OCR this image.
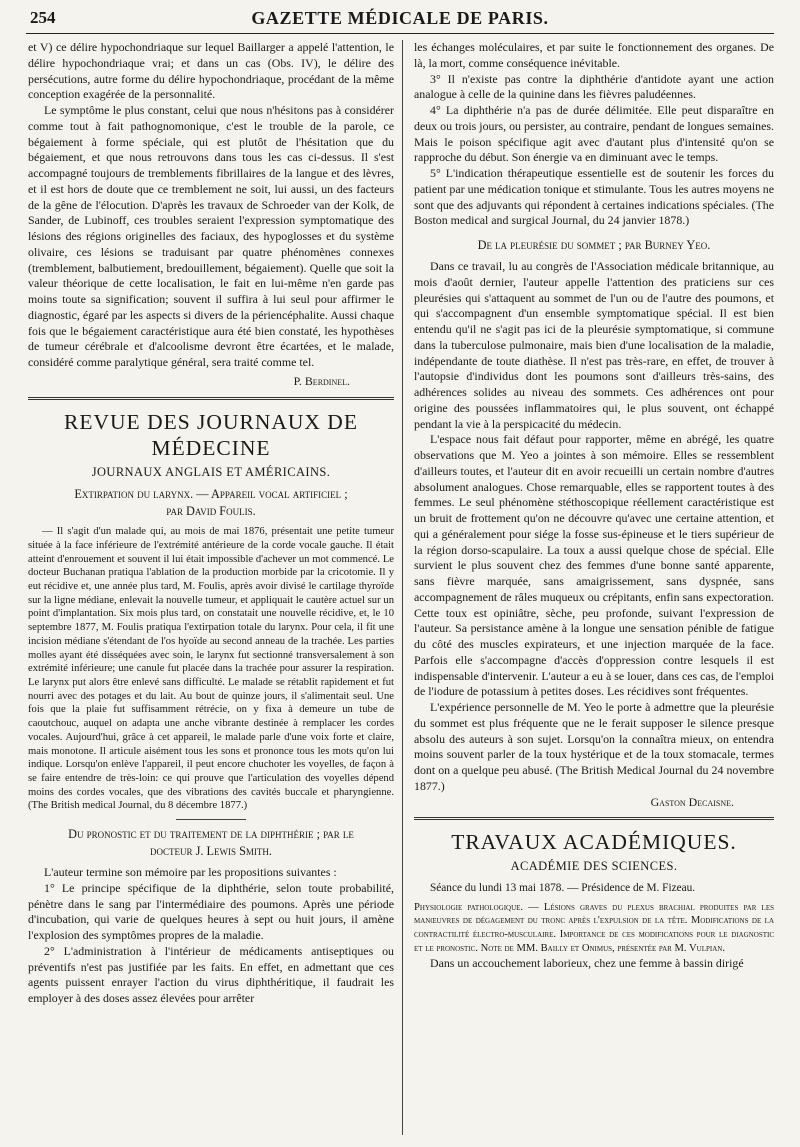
254	GAZETTE MÉDICALE DE PARIS.

et V) ce délire hypochondriaque sur lequel Baillarger a appelé l'attention, le délire hypochondriaque vrai; et dans un cas (Obs. IV), le délire des persécutions, autre forme du délire hypochondriaque, procédant de la même conception exagérée de la personnalité.

Le symptôme le plus constant, celui que nous n'hésitons pas à considérer comme tout à fait pathognomonique, c'est le trouble de la parole, ce bégaiement à forme spéciale, qui est plutôt de l'hésitation que du bégaiement, et que nous retrouvons dans tous les cas ci-dessus. Il s'est accompagné toujours de tremblements fibrillaires de la langue et des lèvres, et il est hors de doute que ce tremblement ne soit, lui aussi, un des facteurs de la gêne de l'élocution. D'après les travaux de Schroeder van der Kolk, de Sander, de Lubinoff, ces troubles seraient l'expression symptomatique des lésions des régions originelles des faciaux, des hypoglosses et du système olivaire, ces lésions se traduisant par quatre phénomènes connexes (tremblement, balbutiement, bredouillement, bégaiement). Quelle que soit la valeur théorique de cette localisation, le fait en lui-même n'en garde pas moins toute sa signification; souvent il suffira à lui seul pour affirmer le diagnostic, égaré par les aspects si divers de la périencéphalite. Aussi chaque fois que le bégaiement caractéristique aura été bien constaté, les hypothèses de tumeur cérébrale et d'alcoolisme devront être écartées, et le malade, considéré comme paralytique général, sera traité comme tel.

P. Berdinel.

REVUE DES JOURNAUX DE MÉDECINE
JOURNAUX ANGLAIS ET AMÉRICAINS.
Extirpation du larynx. — Appareil vocal artificiel ;
par David Foulis.

— Il s'agit d'un malade qui, au mois de mai 1876, présentait une petite tumeur située à la face inférieure de l'extrémité antérieure de la corde vocale gauche. Il était atteint d'enrouement et souvent il lui était impossible d'achever un mot commencé. Le docteur Buchanan pratiqua l'ablation de la production morbide par la cricotomie. Il y eut récidive et, une année plus tard, M. Foulis, après avoir divisé le cartilage thyroïde sur la ligne médiane, enlevait la nouvelle tumeur, et appliquait le cautère actuel sur un point d'implantation. Six mois plus tard, on constatait une nouvelle récidive, et, le 10 septembre 1877, M. Foulis pratiqua l'extirpation totale du larynx. Pour cela, il fit une incision médiane s'étendant de l'os hyoïde au second anneau de la trachée. Les parties molles ayant été disséquées avec soin, le larynx fut sectionné transversalement à son extrémité inférieure; une canule fut placée dans la trachée pour assurer la respiration. Le larynx put alors être enlevé sans difficulté. Le malade se rétablit rapidement et fut nourri avec des potages et du lait. Au bout de quinze jours, il s'alimentait seul. Une fois que la plaie fut suffisamment rétrécie, on y fixa à demeure un tube de caoutchouc, auquel on adapta une anche vibrante destinée à remplacer les cordes vocales. Aujourd'hui, grâce à cet appareil, le malade parle d'une voix forte et claire, mais monotone. Il articule aisément tous les sons et prononce tous les mots qu'on lui indique. Lorsqu'on enlève l'appareil, il peut encore chuchoter les voyelles, de façon à se faire entendre de très-loin: ce qui prouve que l'articulation des voyelles dépend moins des cordes vocales, que des vibrations des cavités buccale et pharyngienne. (The British medical Journal, du 8 décembre 1877.)

Du pronostic et du traitement de la diphthérie ; par le
docteur J. Lewis Smith.

L'auteur termine son mémoire par les propositions suivantes :

1° Le principe spécifique de la diphthérie, selon toute probabilité, pénètre dans le sang par l'intermédiaire des poumons. Après une période d'incubation, qui varie de quelques heures à sept ou huit jours, il amène l'explosion des symptômes propres de la maladie.

2° L'administration à l'intérieur de médicaments antiseptiques ou préventifs n'est pas justifiée par les faits. En effet, en admettant que ces agents puissent enrayer l'action du virus diphthéritique, il faudrait les employer à des doses assez élevées pour arrêter

les échanges moléculaires, et par suite le fonctionnement des organes. De là, la mort, comme conséquence inévitable.

3° Il n'existe pas contre la diphthérie d'antidote ayant une action analogue à celle de la quinine dans les fièvres paludéennes.

4° La diphthérie n'a pas de durée délimitée. Elle peut disparaître en deux ou trois jours, ou persister, au contraire, pendant de longues semaines. Mais le poison spécifique agit avec d'autant plus d'intensité qu'on se rapproche du début. Son énergie va en diminuant avec le temps.

5° L'indication thérapeutique essentielle est de soutenir les forces du patient par une médication tonique et stimulante. Tous les autres moyens ne sont que des adjuvants qui répondent à certaines indications spéciales. (The Boston medical and surgical Journal, du 24 janvier 1878.)

De la pleurésie du sommet ; par Burney Yeo.

Dans ce travail, lu au congrès de l'Association médicale britannique, au mois d'août dernier, l'auteur appelle l'attention des praticiens sur ces pleurésies qui s'attaquent au sommet de l'un ou de l'autre des poumons, et qui s'accompagnent d'un ensemble symptomatique spécial. Il est bien entendu qu'il ne s'agit pas ici de la pleurésie symptomatique, si commune dans la tuberculose pulmonaire, mais bien d'une localisation de la maladie, indépendante de toute diathèse. Il n'est pas très-rare, en effet, de trouver à l'autopsie d'individus dont les poumons sont d'ailleurs très-sains, des adhérences solides au niveau des sommets. Ces adhérences ont pour origine des poussées inflammatoires qui, le plus souvent, ont échappé pendant la vie à la perspicacité du médecin.

L'espace nous fait défaut pour rapporter, même en abrégé, les quatre observations que M. Yeo a jointes à son mémoire. Elles se ressemblent d'ailleurs toutes, et l'auteur dit en avoir recueilli un certain nombre d'autres absolument analogues. Chose remarquable, elles se rapportent toutes à des femmes. Le seul phénomène stéthoscopique réellement caractéristique est un bruit de frottement qu'on ne découvre qu'avec une certaine attention, et qui a généralement pour siége la fosse sus-épineuse et le tiers supérieur de la région dorso-scapulaire. La toux a aussi quelque chose de spécial. Elle survient le plus souvent chez des femmes d'une bonne santé apparente, sans fièvre marquée, sans amaigrissement, sans dyspnée, sans accompagnement de râles muqueux ou crépitants, enfin sans expectoration. Cette toux est opiniâtre, sèche, peu profonde, suivant l'expression de l'auteur. Sa persistance amène à la longue une sensation pénible de fatigue du côté des muscles expirateurs, et une injection marquée de la face. Parfois elle s'accompagne d'accès d'oppression contre lesquels il est indispensable d'intervenir. L'auteur a eu à se louer, dans ces cas, de l'emploi de l'iodure de potassium à petites doses. Les récidives sont fréquentes.

L'expérience personnelle de M. Yeo le porte à admettre que la pleurésie du sommet est plus fréquente que ne le ferait supposer le silence presque absolu des auteurs à son sujet. Lorsqu'on la connaîtra mieux, on entendra moins souvent parler de la toux hystérique et de la toux stomacale, termes dont on a quelque peu abusé. (The British Medical Journal du 24 novembre 1877.)

Gaston Decaisne.

TRAVAUX ACADÉMIQUES.
ACADÉMIE DES SCIENCES.

Séance du lundi 13 mai 1878. — Présidence de M. Fizeau.

Physiologie pathologique. — Lésions graves du plexus brachial produites par les manœuvres de dégagement du tronc après l'expulsion de la tête. Modifications de la contractilité électro-musculaire. Importance de ces modifications pour le diagnostic et le pronostic. Note de MM. Bailly et Onimus, présentée par M. Vulpian.

Dans un accouchement laborieux, chez une femme à bassin dirigé
